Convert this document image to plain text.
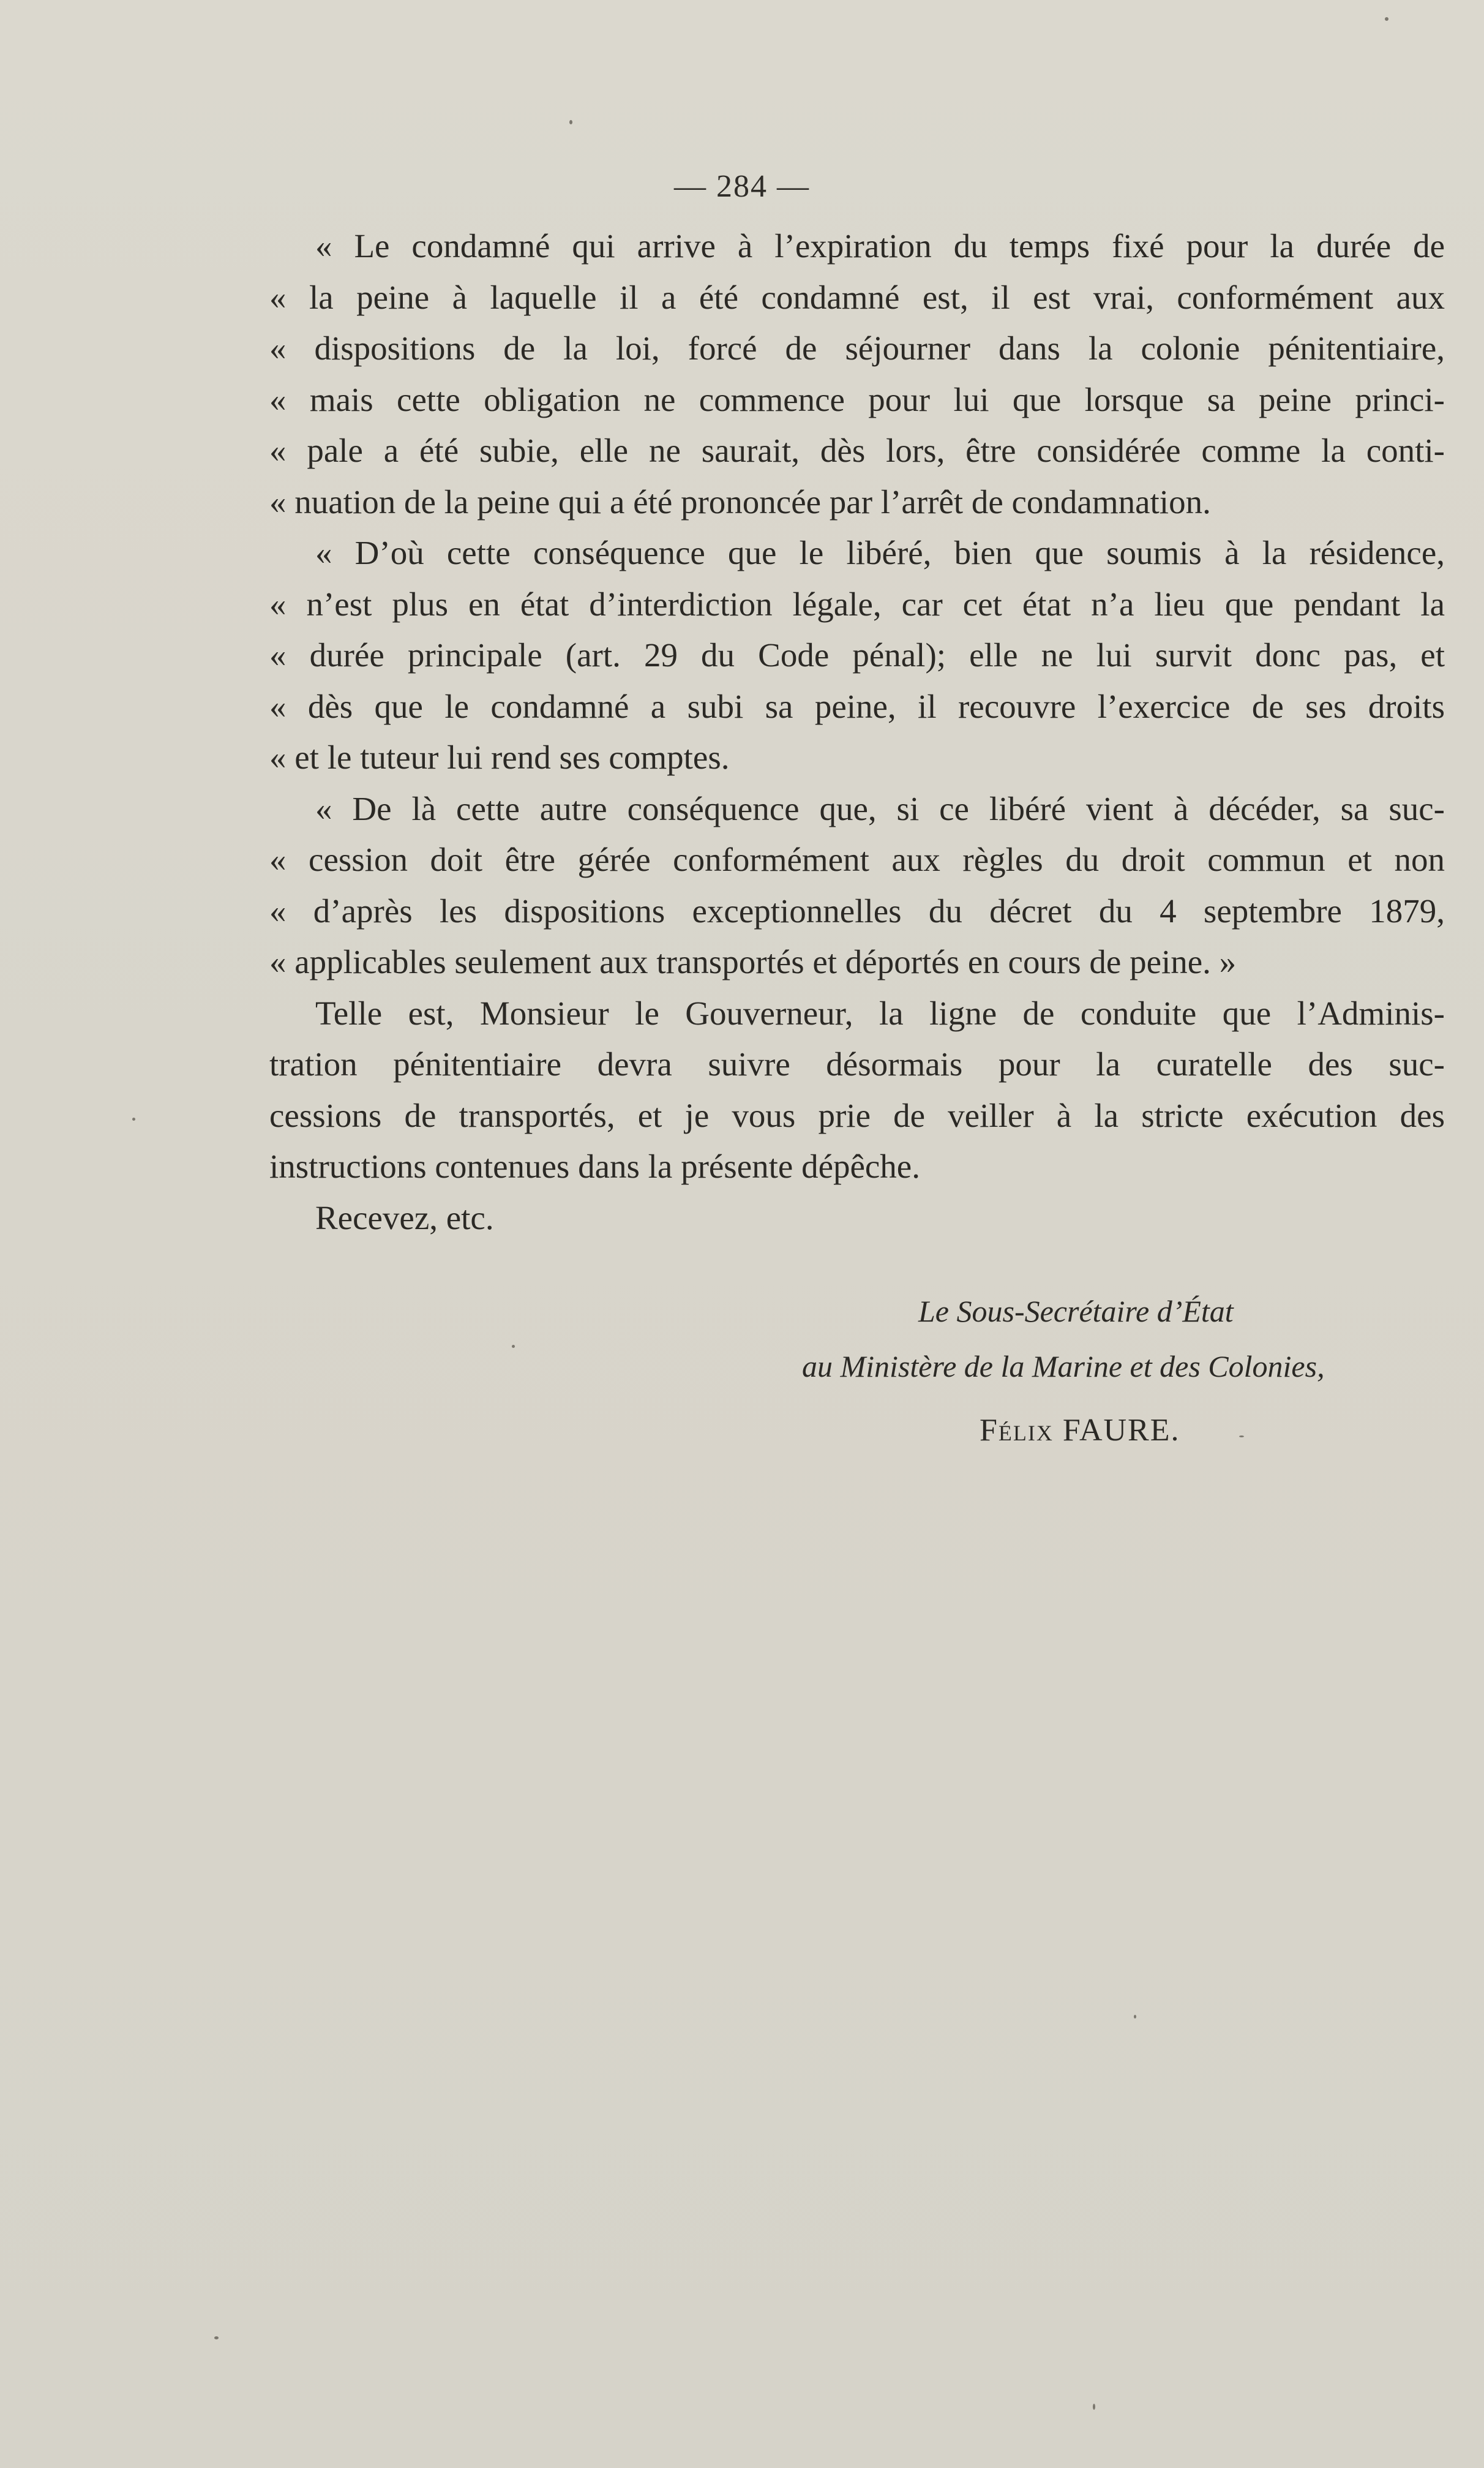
— 284 —
« Le condamné qui arrive à l’expiration du temps fixé pour la durée de
« la peine à laquelle il a été condamné est, il est vrai, conformément aux
« dispositions de la loi, forcé de séjourner dans la colonie pénitentiaire,
« mais cette obligation ne commence pour lui que lorsque sa peine princi-
« pale a été subie, elle ne saurait, dès lors, être considérée comme la conti-
« nuation de la peine qui a été prononcée par l’arrêt de condamnation.
« D’où cette conséquence que le libéré, bien que soumis à la résidence,
« n’est plus en état d’interdiction légale, car cet état n’a lieu que pendant la
« durée principale (art. 29 du Code pénal); elle ne lui survit donc pas, et
« dès que le condamné a subi sa peine, il recouvre l’exercice de ses droits
« et le tuteur lui rend ses comptes.
« De là cette autre conséquence que, si ce libéré vient à décéder, sa suc-
« cession doit être gérée conformément aux règles du droit commun et non
« d’après les dispositions exceptionnelles du décret du 4 septembre 1879,
« applicables seulement aux transportés et déportés en cours de peine. »
Telle est, Monsieur le Gouverneur, la ligne de conduite que l’Adminis-
tration pénitentiaire devra suivre désormais pour la curatelle des suc-
cessions de transportés, et je vous prie de veiller à la stricte exécution des
instructions contenues dans la présente dépêche.
Recevez, etc.
Le Sous-Secrétaire d’État
au Ministère de la Marine et des Colonies,
Félix FAURE.
